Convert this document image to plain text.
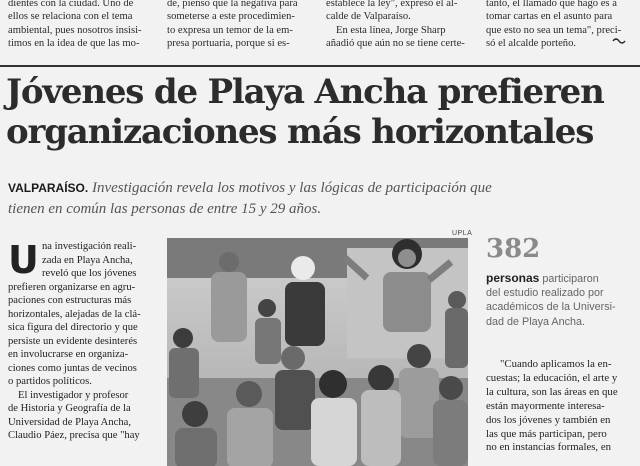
dientes con la ciudad. Uno de
ellos se relaciona con el tema
ambiental, pues nosotros insisi-
timos en la idea de que las mo-
de, pienso que la negativa para
someterse a este procedimien-
to expresa un temor de la em-
presa portuaria, porque si es-
establece la ley", expresó el al-
calde de Valparaíso.
En esta línea, Jorge Sharp
añadió que aún no se tiene certe-
tanto, el llamado que hago es a
tomar cartas en el asunto para
que esto no sea un tema", preci-
só el alcalde porteño.
Jóvenes de Playa Ancha prefieren
organizaciones más horizontales
VALPARAÍSO. Investigación revela los motivos y las lógicas de participación que
tienen en común las personas de entre 15 y 29 años.
U na investigación reali-
zada en Playa Ancha,
reveló que los jóvenes
prefieren organizarse en agru-
paciones con estructuras más
horizontales, alejadas de la clá-
sica figura del directorio y que
persiste un evidente desinterés
en involucrarse en organiza-
ciones como juntas de vecinos
o partidos políticos.
El investigador y profesor
de Historia y Geografía de la
Universidad de Playa Ancha,
Claudio Páez, precisa que "hay
UPLA
382
personas participaron
del estudio realizado por
académicos de la Universi-
dad de Playa Ancha.
"Cuando aplicamos la en-
cuestas; la educación, el arte y
la cultura, son las áreas en que
están mayormente interesa-
dos los jóvenes y también en
las que más participan, pero
no en instancias formales, en
